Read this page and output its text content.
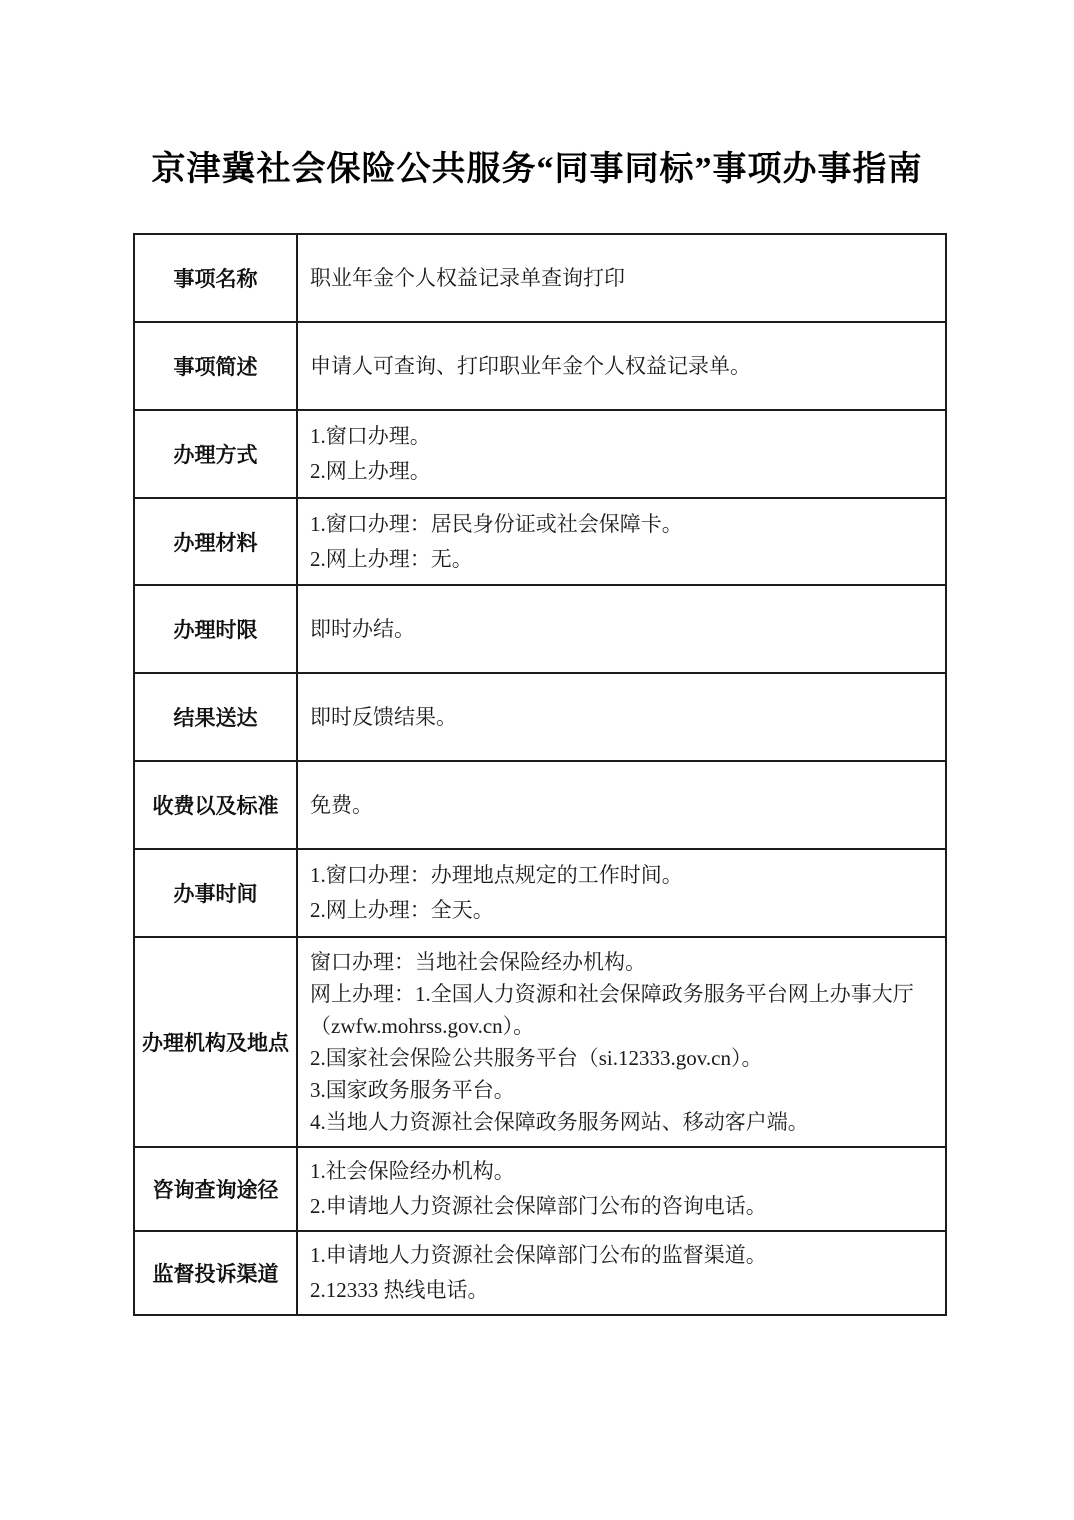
京津冀社会保险公共服务“同事同标”事项办事指南
事项名称	职业年金个人权益记录单查询打印

事项简述	申请人可查询、打印职业年金个人权益记录单。

办理方式	1.窗口办理。
2.网上办理。

办理材料	1.窗口办理：居民身份证或社会保障卡。
2.网上办理：无。

办理时限	即时办结。

结果送达	即时反馈结果。

收费以及标准	免费。

办事时间	1.窗口办理：办理地点规定的工作时间。
2.网上办理：全天。

办理机构及地点	窗口办理：当地社会保险经办机构。
网上办理：1.全国人力资源和社会保障政务服务平台网上办事大厅（zwfw.mohrss.gov.cn）。
2.国家社会保险公共服务平台（si.12333.gov.cn）。
3.国家政务服务平台。
4.当地人力资源社会保障政务服务网站、移动客户端。

咨询查询途径	1.社会保险经办机构。
2.申请地人力资源社会保障部门公布的咨询电话。

监督投诉渠道	1.申请地人力资源社会保障部门公布的监督渠道。
2.12333 热线电话。
